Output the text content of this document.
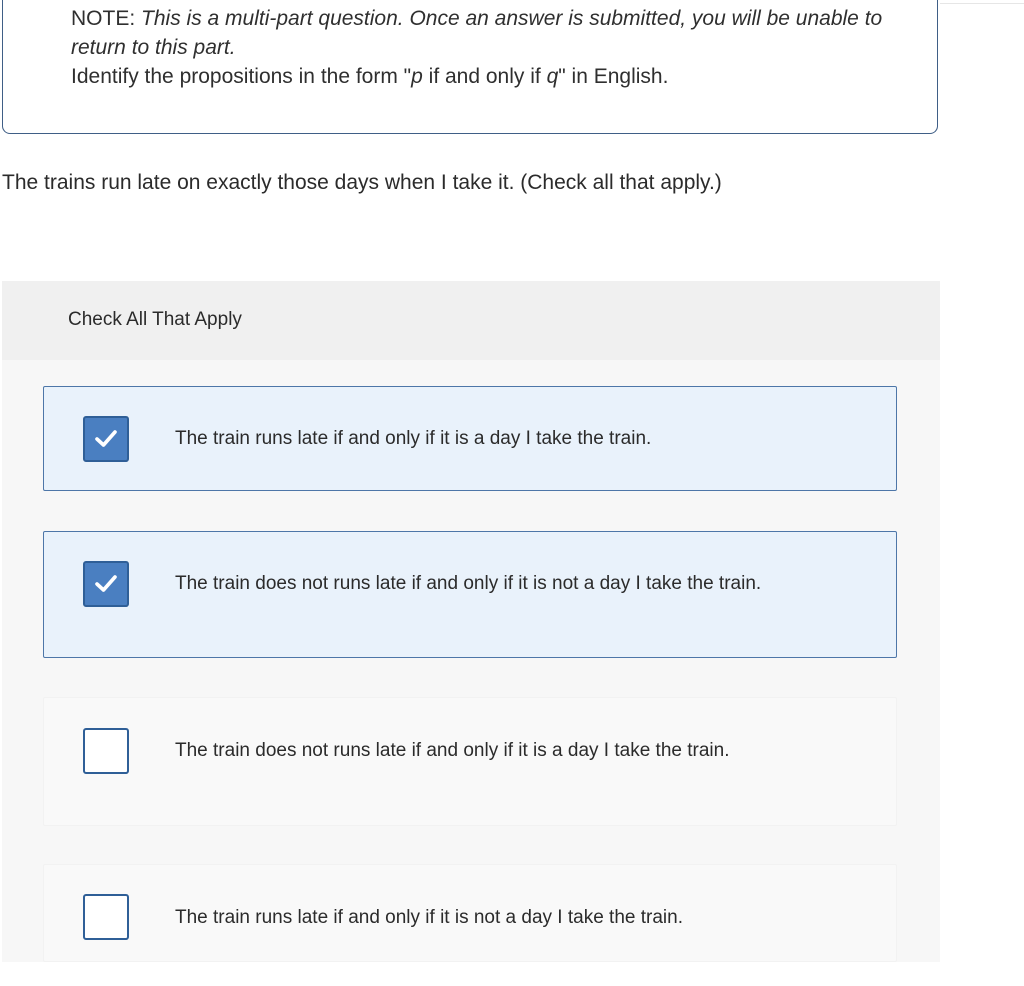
NOTE: This is a multi-part question. Once an answer is submitted, you will be unable to return to this part.
Identify the propositions in the form "p if and only if q" in English.
The trains run late on exactly those days when I take it. (Check all that apply.)
Check All That Apply
The train runs late if and only if it is a day I take the train.
The train does not runs late if and only if it is not a day I take the train.
The train does not runs late if and only if it is a day I take the train.
The train runs late if and only if it is not a day I take the train.
